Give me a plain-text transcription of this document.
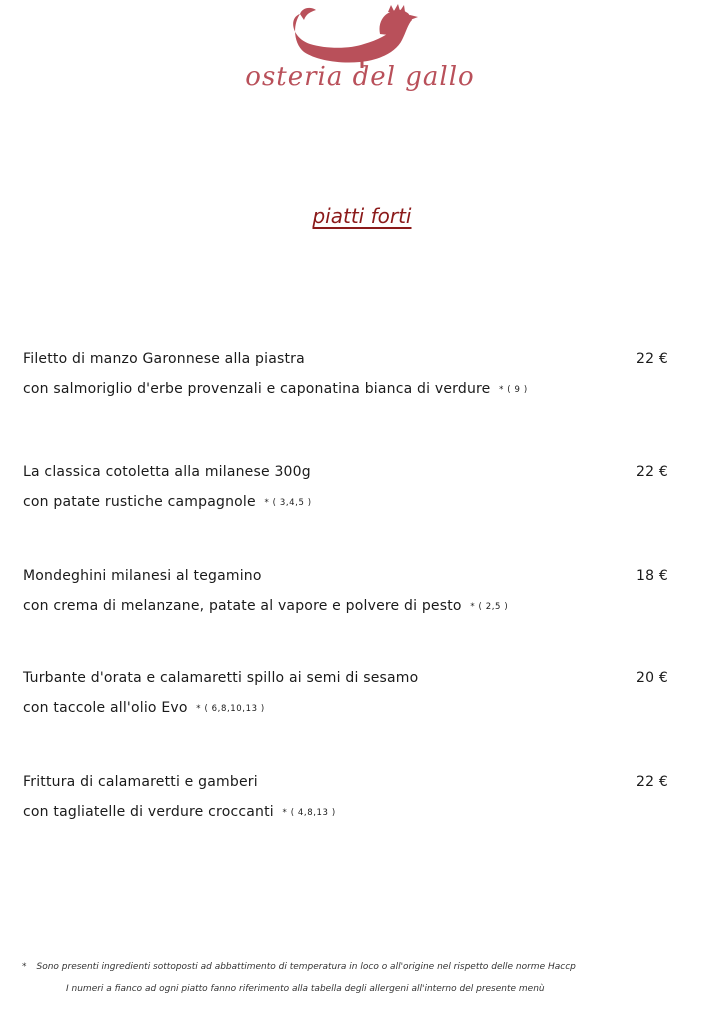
osteria del gallo
piatti forti
Filetto di manzo Garonnese alla piastra	22 €
con salmoriglio d'erbe provenzali e caponatina bianca di verdure * ( 9 )
La classica cotoletta alla milanese 300g	22 €
con patate rustiche campagnole * ( 3,4,5 )
Mondeghini milanesi al tegamino	18 €
con crema di melanzane, patate al vapore e polvere di pesto * ( 2,5 )
Turbante d'orata e calamaretti spillo ai semi di sesamo	20 €
con taccole all'olio Evo * ( 6,8,10,13 )
Frittura di calamaretti e gamberi	22 €
con tagliatelle di verdure croccanti * ( 4,8,13 )
* Sono presenti ingredienti sottoposti ad abbattimento di temperatura in loco o all'origine nel rispetto delle norme Haccp
I numeri a fianco ad ogni piatto fanno riferimento alla tabella degli allergeni all'interno del presente menù
